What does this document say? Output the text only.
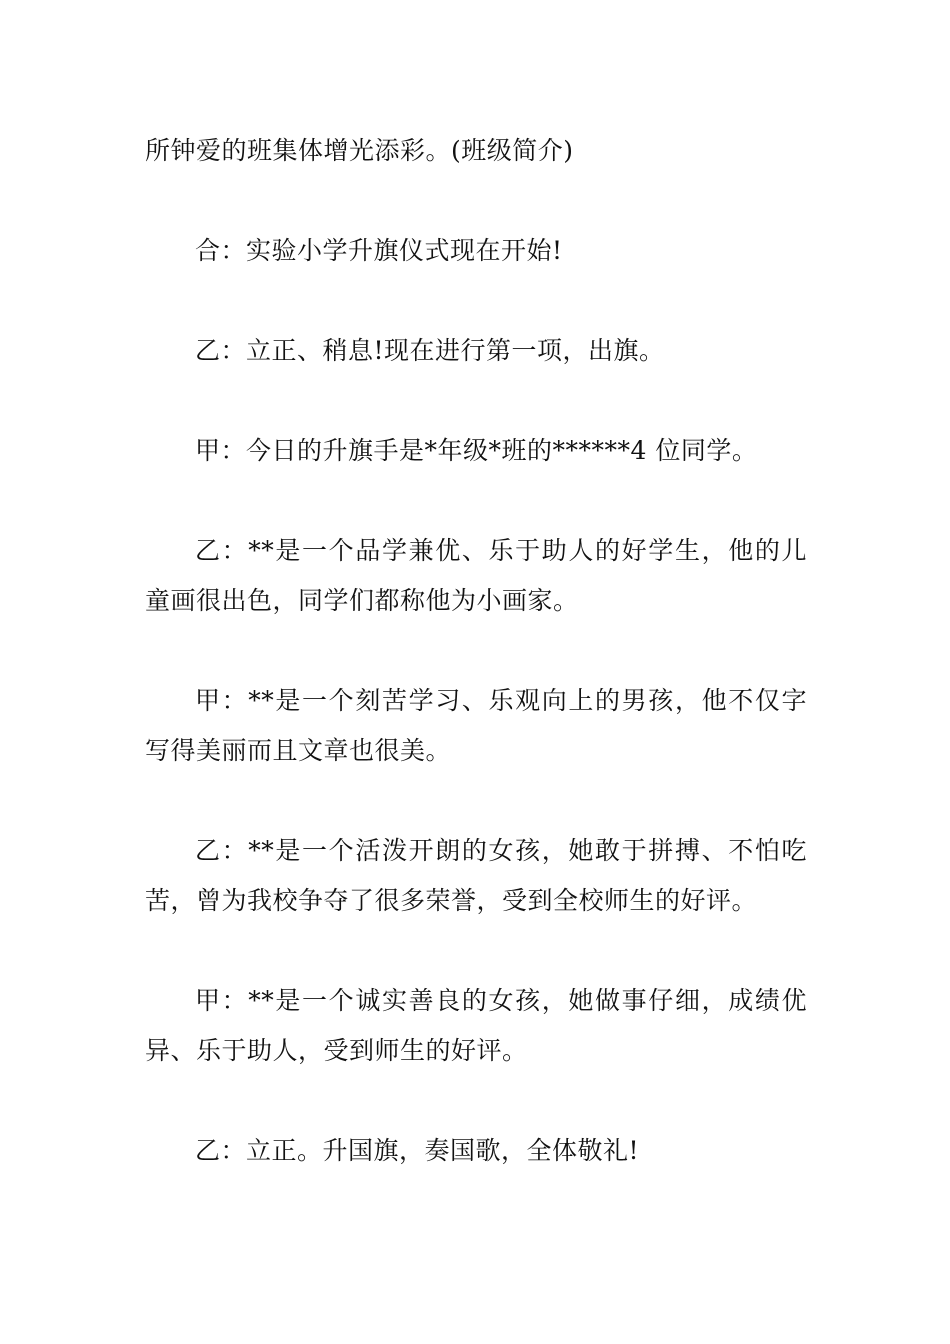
所钟爱的班集体增光添彩。(班级简介)

合：实验小学升旗仪式现在开始!

乙：立正、稍息!现在进行第一项，出旗。

甲：今日的升旗手是*年级*班的******4 位同学。

乙：**是一个品学兼优、乐于助人的好学生，他的儿童画很出色，同学们都称他为小画家。

甲：**是一个刻苦学习、乐观向上的男孩，他不仅字写得美丽而且文章也很美。

乙：**是一个活泼开朗的女孩，她敢于拼搏、不怕吃苦，曾为我校争夺了很多荣誉，受到全校师生的好评。

甲：**是一个诚实善良的女孩，她做事仔细，成绩优异、乐于助人，受到师生的好评。

乙：立正。升国旗，奏国歌，全体敬礼!
